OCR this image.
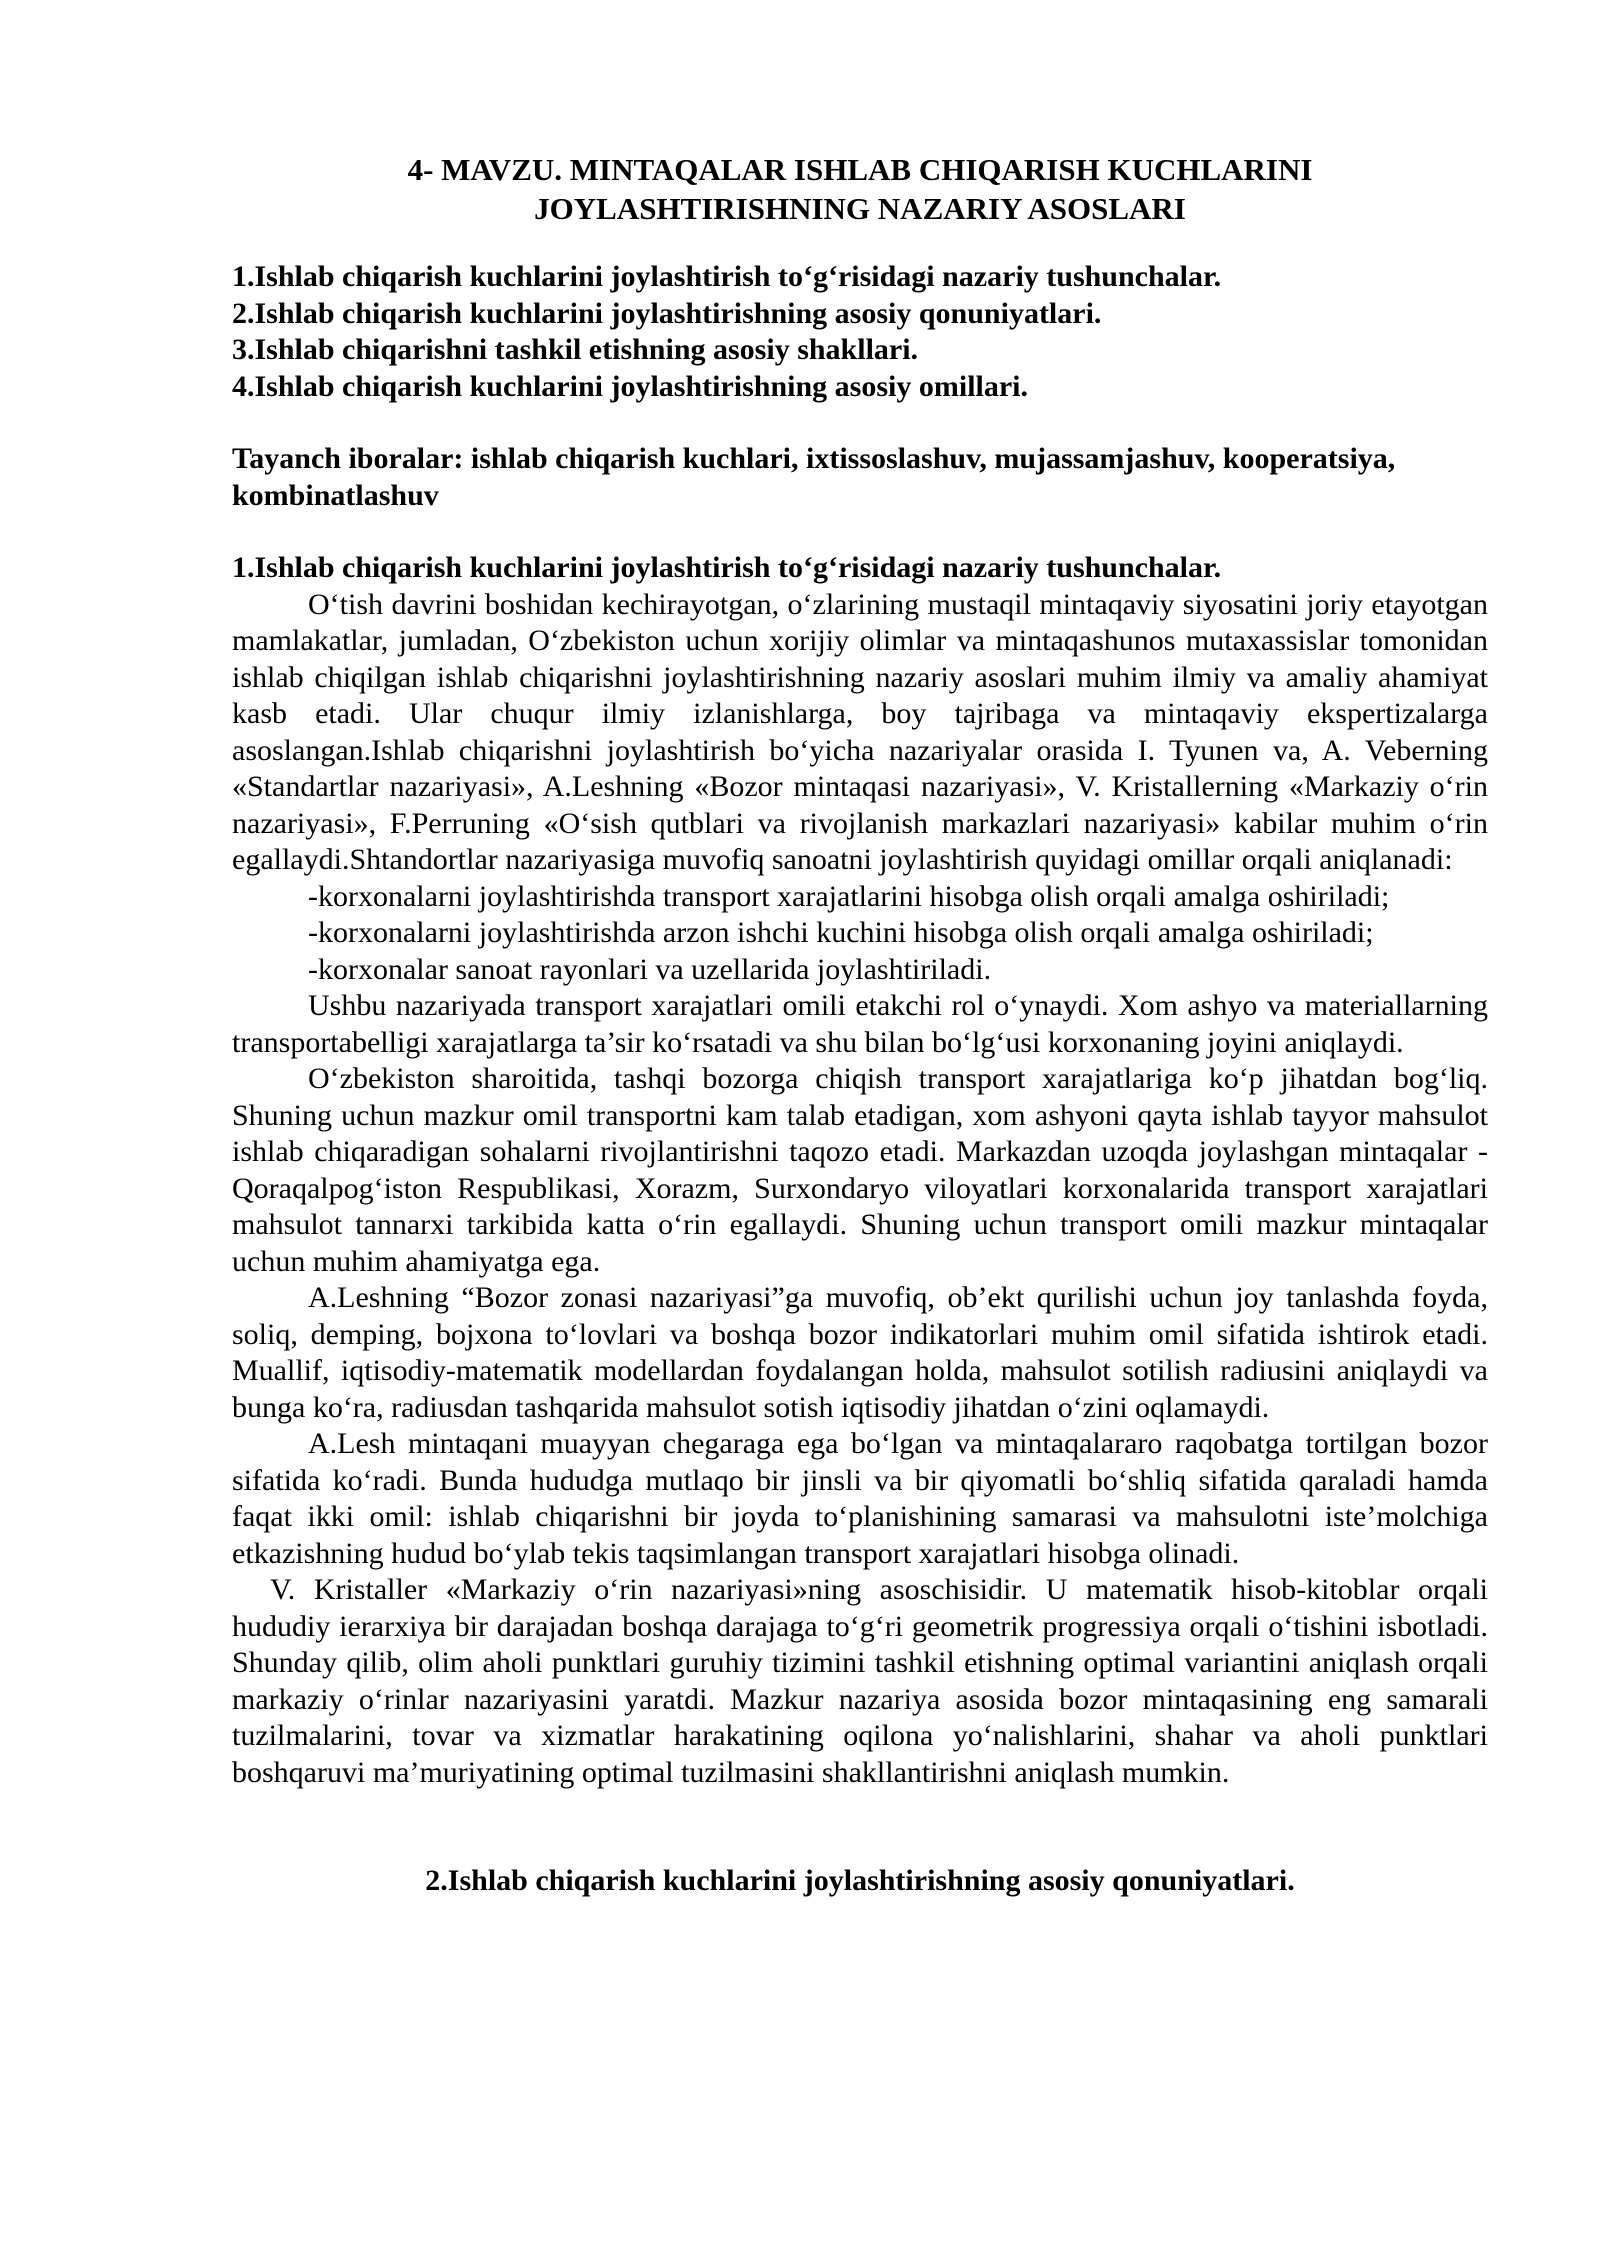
4- MAVZU. MINTAQALAR ISHLAB CHIQARISH KUCHLARINI
JOYLASHTIRISHNING NAZARIY ASOSLARI

1.Ishlab chiqarish kuchlarini joylashtirish to‘g‘risidagi nazariy tushunchalar.

2.Ishlab chiqarish kuchlarini joylashtirishning asosiy qonuniyatlari.

3.Ishlab chiqarishni tashkil etishning asosiy shakllari.

4.Ishlab chiqarish kuchlarini joylashtirishning asosiy omillari.

Tayanch iboralar: ishlab chiqarish kuchlari, ixtissoslashuv, mujassamjashuv, kooperatsiya, kombinatlashuv

1.Ishlab chiqarish kuchlarini joylashtirish to‘g‘risidagi nazariy tushunchalar.

O‘tish davrini boshidan kechirayotgan, o‘zlarining mustaqil mintaqaviy siyosatini joriy etayotgan mamlakatlar, jumladan, O‘zbekiston uchun xorijiy olimlar va mintaqashunos mutaxassislar tomonidan ishlab chiqilgan ishlab chiqarishni joylashtirishning nazariy asoslari muhim ilmiy va amaliy ahamiyat kasb etadi. Ular chuqur ilmiy izlanishlarga, boy tajribaga va mintaqaviy ekspertizalarga asoslangan.Ishlab chiqarishni joylashtirish bo‘yicha nazariyalar orasida I. Tyunen va, A. Veberning «Standartlar nazariyasi», A.Leshning «Bozor mintaqasi nazariyasi», V. Kristallerning «Markaziy o‘rin nazariyasi», F.Perruning «O‘sish qutblari va rivojlanish markazlari nazariyasi» kabilar muhim o‘rin egallaydi.Shtandortlar nazariyasiga muvofiq sanoatni joylashtirish quyidagi omillar orqali aniqlanadi:

-korxonalarni joylashtirishda transport xarajatlarini hisobga olish orqali amalga oshiriladi;

-korxonalarni joylashtirishda arzon ishchi kuchini hisobga olish orqali amalga oshiriladi;

-korxonalar sanoat rayonlari va uzellarida joylashtiriladi.

Ushbu nazariyada transport xarajatlari omili etakchi rol o‘ynaydi. Xom ashyo va materiallarning transportabelligi xarajatlarga ta’sir ko‘rsatadi va shu bilan bo‘lg‘usi korxonaning joyini aniqlaydi.

O‘zbekiston sharoitida, tashqi bozorga chiqish transport xarajatlariga ko‘p jihatdan bog‘liq. Shuning uchun mazkur omil transportni kam talab etadigan, xom ashyoni qayta ishlab tayyor mahsulot ishlab chiqaradigan sohalarni rivojlantirishni taqozo etadi. Markazdan uzoqda joylashgan mintaqalar - Qoraqalpog‘iston Respublikasi, Xorazm, Surxondaryo viloyatlari korxonalarida transport xarajatlari mahsulot tannarxi tarkibida katta o‘rin egallaydi. Shuning uchun transport omili mazkur mintaqalar uchun muhim ahamiyatga ega.

A.Leshning “Bozor zonasi nazariyasi”ga muvofiq, ob’ekt qurilishi uchun joy tanlashda foyda, soliq, demping, bojxona to‘lovlari va boshqa bozor indikatorlari muhim omil sifatida ishtirok etadi. Muallif, iqtisodiy-matematik modellardan foydalangan holda, mahsulot sotilish radiusini aniqlaydi va bunga ko‘ra, radiusdan tashqarida mahsulot sotish iqtisodiy jihatdan o‘zini oqlamaydi.

A.Lesh mintaqani muayyan chegaraga ega bo‘lgan va mintaqalararo raqobatga tortilgan bozor sifatida ko‘radi. Bunda hududga mutlaqo bir jinsli va bir qiyomatli bo‘shliq sifatida qaraladi hamda faqat ikki omil: ishlab chiqarishni bir joyda to‘planishining samarasi va mahsulotni iste’molchiga etkazishning hudud bo‘ylab tekis taqsimlangan transport xarajatlari hisobga olinadi.

V. Kristaller «Markaziy o‘rin nazariyasi»ning asoschisidir. U matematik hisob-kitoblar orqali hududiy ierarxiya bir darajadan boshqa darajaga to‘g‘ri geometrik progressiya orqali o‘tishini isbotladi. Shunday qilib, olim aholi punktlari guruhiy tizimini tashkil etishning optimal variantini aniqlash orqali markaziy o‘rinlar nazariyasini yaratdi. Mazkur nazariya asosida bozor mintaqasining eng samarali tuzilmalarini, tovar va xizmatlar harakatining oqilona yo‘nalishlarini, shahar va aholi punktlari boshqaruvi ma’muriyatining optimal tuzilmasini shakllantirishni aniqlash mumkin.

2.Ishlab chiqarish kuchlarini joylashtirishning asosiy qonuniyatlari.
